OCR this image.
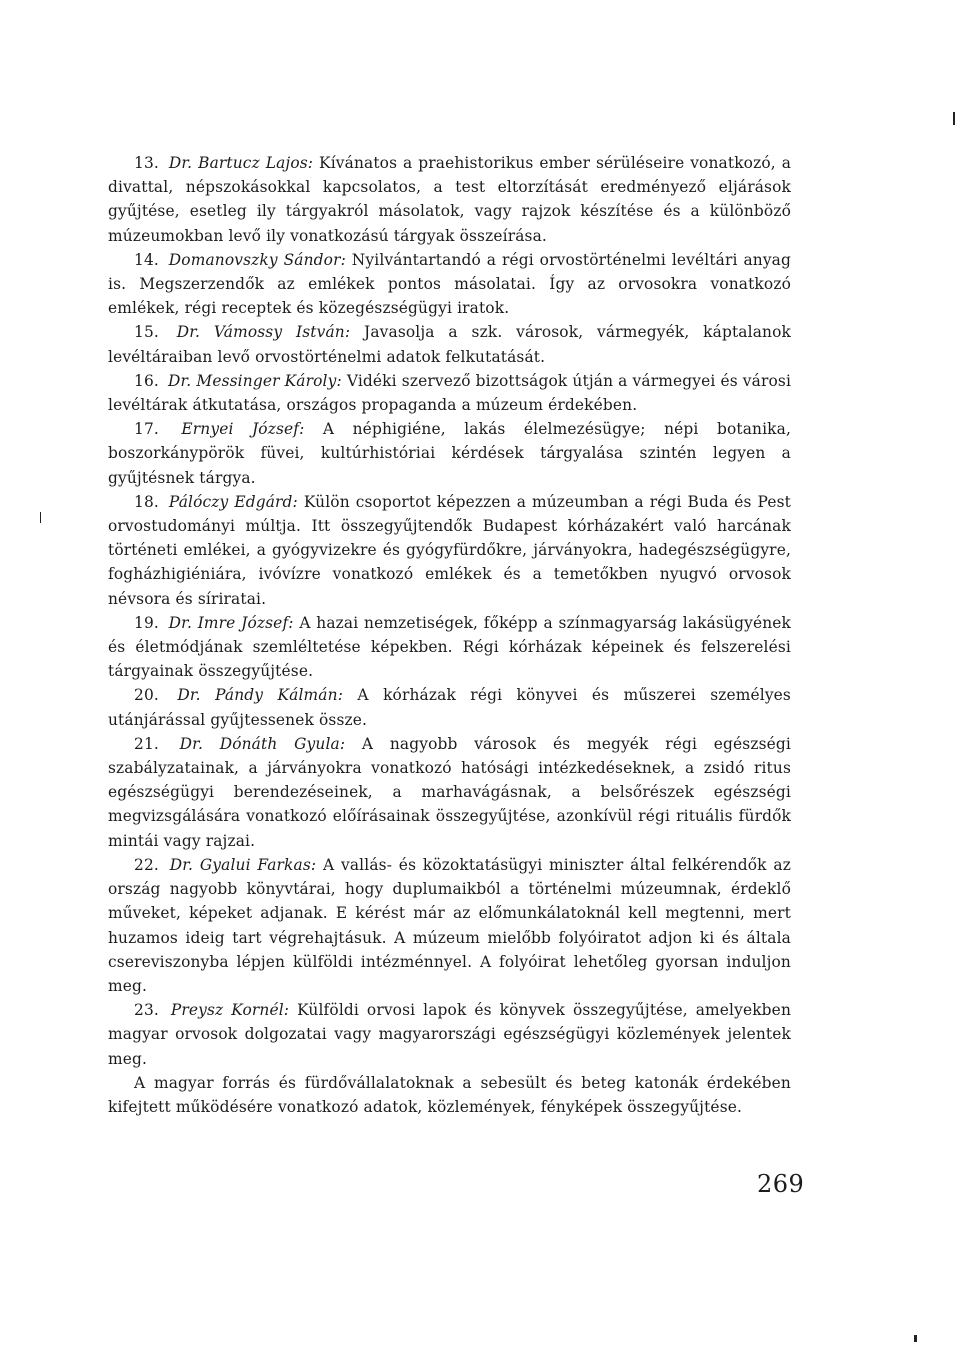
13. Dr. Bartucz Lajos: Kívánatos a praehistorikus ember sérüléseire vonatkozó, a divattal, népszokásokkal kapcsolatos, a test eltorzítását eredményező eljárások gyűjtése, esetleg ily tárgyakról másolatok, vagy rajzok készítése és a különböző múzeumokban levő ily vonatkozású tárgyak összeírása.

14. Domanovszky Sándor: Nyilvántartandó a régi orvostörténelmi levéltári anyag is. Megszerzendők az emlékek pontos másolatai. Így az orvosokra vonatkozó emlékek, régi receptek és közegészségügyi iratok.

15. Dr. Vámossy István: Javasolja a szk. városok, vármegyék, káptalanok levéltáraiban levő orvostörténelmi adatok felkutatását.

16. Dr. Messinger Károly: Vidéki szervező bizottságok útján a vármegyei és városi levéltárak átkutatása, országos propaganda a múzeum érdekében.

17. Ernyei József: A néphigiéne, lakás élelmezésügye; népi botanika, boszorkánypörök füvei, kultúrhistóriai kérdések tárgyalása szintén legyen a gyűjtésnek tárgya.

18. Pálóczy Edgárd: Külön csoportot képezzen a múzeumban a régi Buda és Pest orvostudományi múltja. Itt összegyűjtendők Budapest kórházakért való harcának történeti emlékei, a gyógyvizekre és gyógyfürdőkre, járványokra, hadegészségügyre, fogházhigiéniára, ivóvízre vonatkozó emlékek és a temetőkben nyugvó orvosok névsora és síriratai.

19. Dr. Imre József: A hazai nemzetiségek, főképp a színmagyarság lakásügyének és életmódjának szemléltetése képekben. Régi kórházak képeinek és felszerelési tárgyainak összegyűjtése.

20. Dr. Pándy Kálmán: A kórházak régi könyvei és műszerei személyes utánjárással gyűjtessenek össze.

21. Dr. Dónáth Gyula: A nagyobb városok és megyék régi egészségi szabályzatainak, a járványokra vonatkozó hatósági intézkedéseknek, a zsidó ritus egészségügyi berendezéseinek, a marhavágásnak, a belsőrészek egészségi megvizsgálására vonatkozó előírásainak összegyűjtése, azonkívül régi rituális fürdők mintái vagy rajzai.

22. Dr. Gyalui Farkas: A vallás- és közoktatásügyi miniszter által felkérendők az ország nagyobb könyvtárai, hogy duplumaikból a történelmi múzeumnak, érdeklő műveket, képeket adjanak. E kérést már az előmunkálatoknál kell megtenni, mert huzamos ideig tart végrehajtásuk. A múzeum mielőbb folyóiratot adjon ki és általa csereviszonyba lépjen külföldi intézménnyel. A folyóirat lehetőleg gyorsan induljon meg.

23. Preysz Kornél: Külföldi orvosi lapok és könyvek összegyűjtése, amelyekben magyar orvosok dolgozatai vagy magyarországi egészségügyi közlemények jelentek meg.

A magyar forrás és fürdővállalatoknak a sebesült és beteg katonák érdekében kifejtett működésére vonatkozó adatok, közlemények, fényképek összegyűjtése.

269
